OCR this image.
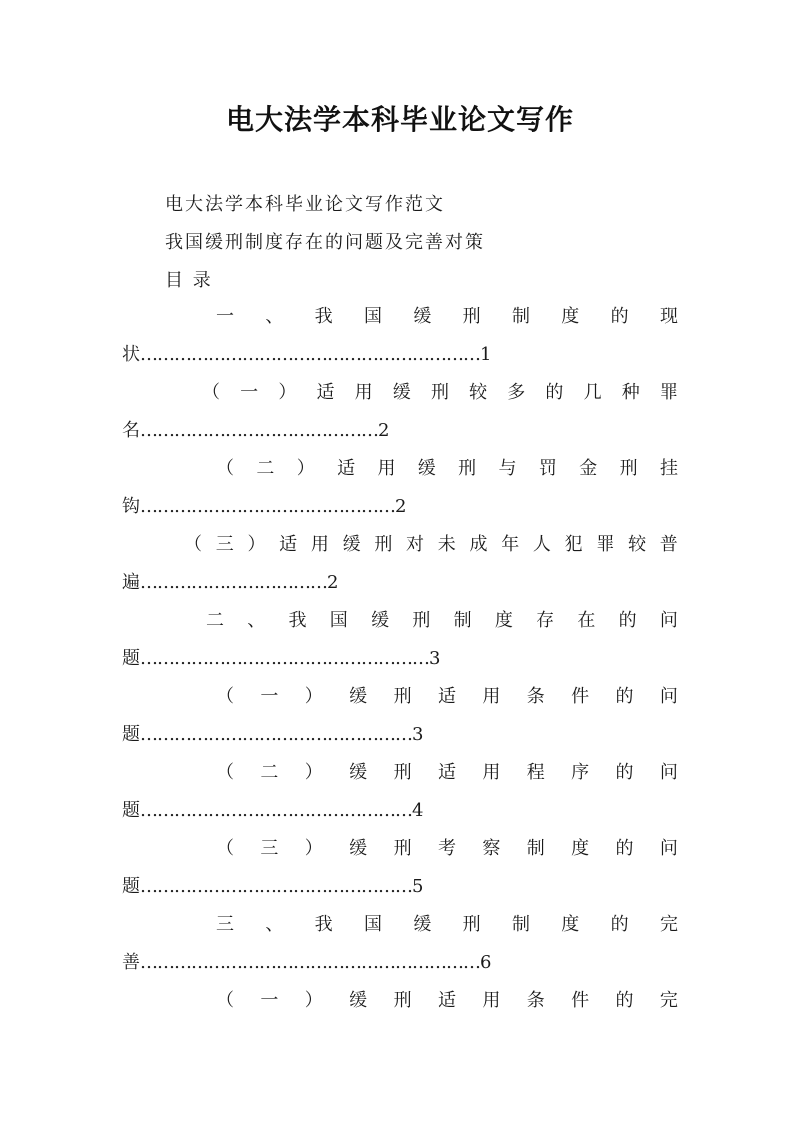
电大法学本科毕业论文写作
电大法学本科毕业论文写作范文
我国缓刑制度存在的问题及完善对策
目 录
一 、 我 国 缓 刑 制 度 的 现
状……………………………………………………1
（ 一 ） 适 用 缓 刑 较 多 的 几 种 罪
名……………………………………2
（ 二 ） 适 用 缓 刑 与 罚 金 刑 挂
钩………………………………………2
（ 三 ） 适 用 缓 刑 对 未 成 年 人 犯 罪 较 普
遍……………………………2
二 、 我 国 缓 刑 制 度 存 在 的 问
题……………………………………………3
（ 一 ） 缓 刑 适 用 条 件 的 问
题…………………………………………3
（ 二 ） 缓 刑 适 用 程 序 的 问
题…………………………………………4
（ 三 ） 缓 刑 考 察 制 度 的 问
题…………………………………………5
三 、 我 国 缓 刑 制 度 的 完
善……………………………………………………6
（ 一 ） 缓 刑 适 用 条 件 的 完
